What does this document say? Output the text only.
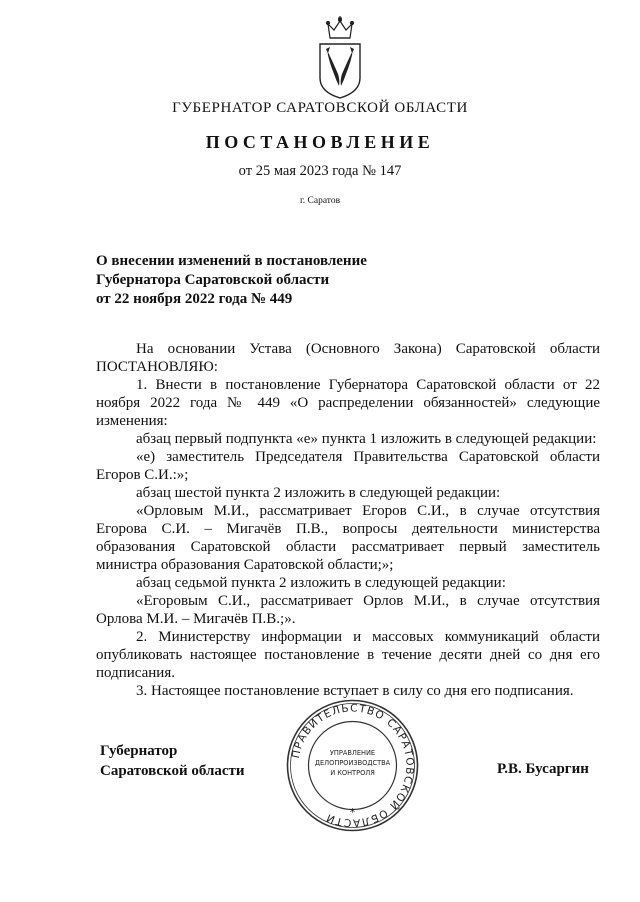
ГУБЕРНАТОР САРАТОВСКОЙ ОБЛАСТИ
ПОСТАНОВЛЕНИЕ
от 25 мая 2023 года № 147
г. Саратов
О внесении изменений в постановление
Губернатора Саратовской области
от 22 ноября 2022 года № 449

На основании Устава (Основного Закона) Саратовской области ПОСТАНОВЛЯЮ:

1. Внести в постановление Губернатора Саратовской области от 22 ноября 2022 года № 449 «О распределении обязанностей» следующие изменения:

абзац первый подпункта «е» пункта 1 изложить в следующей редакции:

«е) заместитель Председателя Правительства Саратовской области Егоров С.И.:»;

абзац шестой пункта 2 изложить в следующей редакции:

«Орловым М.И., рассматривает Егоров С.И., в случае отсутствия Егорова С.И. – Мигачёв П.В., вопросы деятельности министерства образования Саратовской области рассматривает первый заместитель министра образования Саратовской области;»;

абзац седьмой пункта 2 изложить в следующей редакции:

«Егоровым С.И., рассматривает Орлов М.И., в случае отсутствия Орлова М.И. – Мигачёв П.В.;».

2. Министерству информации и массовых коммуникаций области опубликовать настоящее постановление в течение десяти дней со дня его подписания.

3. Настоящее постановление вступает в силу со дня его подписания.

Губернатор
Саратовской области	Р.В. Бусаргин
ПРАВИТЕЛЬСТВО САРАТОВСКОЙ ОБЛАСТИ	*
УПРАВЛЕНИЕ
ДЕЛОПРОИЗВОДСТВА
И КОНТРОЛЯ
